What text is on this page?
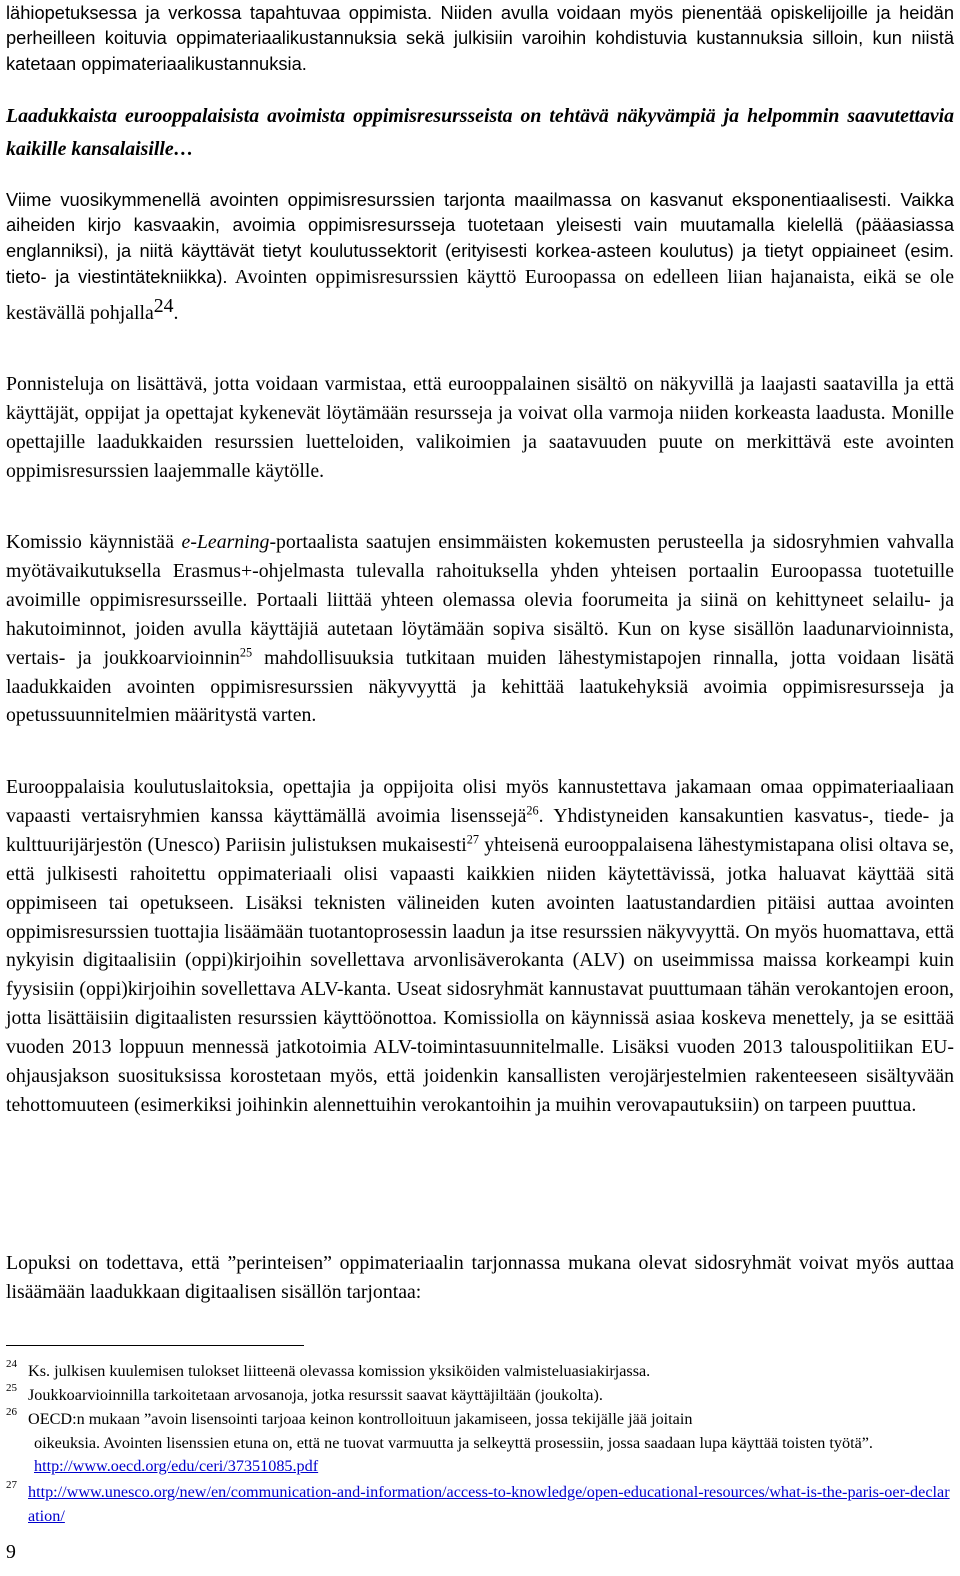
lähiopetuksessa ja verkossa tapahtuvaa oppimista. Niiden avulla voidaan myös pienentää opiskelijoille ja heidän perheilleen koituvia oppimateriaalikustannuksia sekä julkisiin varoihin kohdistuvia kustannuksia silloin, kun niistä katetaan oppimateriaalikustannuksia.

Laadukkaista eurooppalaisista avoimista oppimisresursseista on tehtävä näkyvämpiä ja helpommin saavutettavia kaikille kansalaisille…

Viime vuosikymmenellä avointen oppimisresurssien tarjonta maailmassa on kasvanut eksponentiaalisesti. Vaikka aiheiden kirjo kasvaakin, avoimia oppimisresursseja tuotetaan yleisesti vain muutamalla kielellä (pääasiassa englanniksi), ja niitä käyttävät tietyt koulutussektorit (erityisesti korkea-asteen koulutus) ja tietyt oppiaineet (esim. tieto- ja viestintätekniikka). Avointen oppimisresurssien käyttö Euroopassa on edelleen liian hajanaista, eikä se ole kestävällä pohjalla$^{24}$.

Ponnisteluja on lisättävä, jotta voidaan varmistaa, että eurooppalainen sisältö on näkyvillä ja laajasti saatavilla ja että käyttäjät, oppijat ja opettajat kykenevät löytämään resursseja ja voivat olla varmoja niiden korkeasta laadusta. Monille opettajille laadukkaiden resurssien luetteloiden, valikoimien ja saatavuuden puute on merkittävä este avointen oppimisresurssien laajemmalle käytölle.

Komissio käynnistää e-Learning-portaalista saatujen ensimmäisten kokemusten perusteella ja sidosryhmien vahvalla myötävaikutuksella Erasmus+-ohjelmasta tulevalla rahoituksella yhden yhteisen portaalin Euroopassa tuotetuille avoimille oppimisresursseille. Portaali liittää yhteen olemassa olevia foorumeita ja siinä on kehittyneet selailu- ja hakutoiminnot, joiden avulla käyttäjiä autetaan löytämään sopiva sisältö. Kun on kyse sisällön laadunarvioinnista, vertais- ja joukkoarvioinnin$^{25}$ mahdollisuuksia tutkitaan muiden lähestymistapojen rinnalla, jotta voidaan lisätä laadukkaiden avointen oppimisresurssien näkyvyyttä ja kehittää laatukehyksiä avoimia oppimisresursseja ja opetussuunnitelmien määritystä varten.

Eurooppalaisia koulutuslaitoksia, opettajia ja oppijoita olisi myös kannustettava jakamaan omaa oppimateriaaliaan vapaasti vertaisryhmien kanssa käyttämällä avoimia lisenssejä$^{26}$. Yhdistyneiden kansakuntien kasvatus-, tiede- ja kulttuurijärjestön (Unesco) Pariisin julistuksen mukaisesti$^{27}$ yhteisenä eurooppalaisena lähestymistapana olisi oltava se, että julkisesti rahoitettu oppimateriaali olisi vapaasti kaikkien niiden käytettävissä, jotka haluavat käyttää sitä oppimiseen tai opetukseen. Lisäksi teknisten välineiden kuten avointen laatustandardien pitäisi auttaa avointen oppimisresurssien tuottajia lisäämään tuotantoprosessin laadun ja itse resurssien näkyvyyttä. On myös huomattava, että nykyisin digitaalisiin (oppi)kirjoihin sovellettava arvonlisäverokanta (ALV) on useimmissa maissa korkeampi kuin fyysisiin (oppi)kirjoihin sovellettava ALV-kanta. Useat sidosryhmät kannustavat puuttumaan tähän verokantojen eroon, jotta lisättäisiin digitaalisten resurssien käyttöönottoa. Komissiolla on käynnissä asiaa koskeva menettely, ja se esittää vuoden 2013 loppuun mennessä jatkotoimia ALV-toimintasuunnitelmalle. Lisäksi vuoden 2013 talouspolitiikan EU-ohjausjakson suosituksissa korostetaan myös, että joidenkin kansallisten verojärjestelmien rakenteeseen sisältyvään tehottomuuteen (esimerkiksi joihinkin alennettuihin verokantoihin ja muihin verovapautuksiin) on tarpeen puuttua.

Lopuksi on todettava, että ”perinteisen” oppimateriaalin tarjonnassa mukana olevat sidosryhmät voivat myös auttaa lisäämään laadukkaan digitaalisen sisällön tarjontaa:

24 Ks. julkisen kuulemisen tulokset liitteenä olevassa komission yksiköiden valmisteluasiakirjassa.
25 Joukkoarvioinnilla tarkoitetaan arvosanoja, jotka resurssit saavat käyttäjiltään (joukolta).
26 OECD:n mukaan ”avoin lisensointi tarjoaa keinon kontrolloituun jakamiseen, jossa tekijälle jää joitain
oikeuksia. Avointen lisenssien etuna on, että ne tuovat varmuutta ja selkeyttä prosessiin, jossa saadaan lupa käyttää toisten työtä”. http://www.oecd.org/edu/ceri/37351085.pdf
27 http://www.unesco.org/new/en/communication-and-information/access-to-knowledge/open-educational-resources/what-is-the-paris-oer-declaration/
9
